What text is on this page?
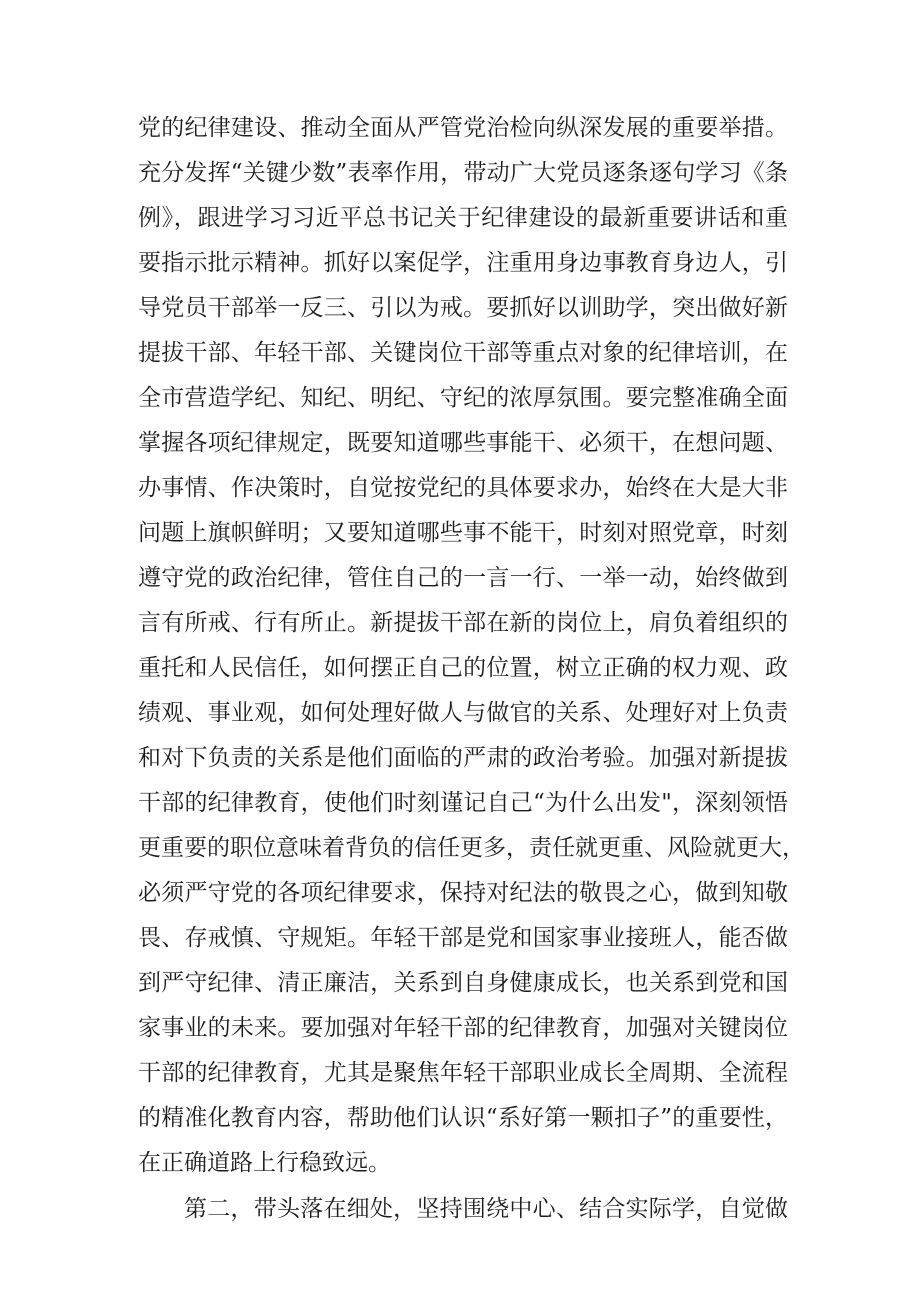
党的纪律建设、推动全面从严管党治检向纵深发展的重要举措。
充分发挥“关键少数”表率作用，带动广大党员逐条逐句学习《条
例》，跟进学习习近平总书记关于纪律建设的最新重要讲话和重
要指示批示精神。抓好以案促学，注重用身边事教育身边人，引
导党员干部举一反三、引以为戒。要抓好以训助学，突出做好新
提拔干部、年轻干部、关键岗位干部等重点对象的纪律培训，在
全市营造学纪、知纪、明纪、守纪的浓厚氛围。要完整准确全面
掌握各项纪律规定，既要知道哪些事能干、必须干，在想问题、
办事情、作决策时，自觉按党纪的具体要求办，始终在大是大非
问题上旗帜鲜明；又要知道哪些事不能干，时刻对照党章，时刻
遵守党的政治纪律，管住自己的一言一行、一举一动，始终做到
言有所戒、行有所止。新提拔干部在新的岗位上，肩负着组织的
重托和人民信任，如何摆正自己的位置，树立正确的权力观、政
绩观、事业观，如何处理好做人与做官的关系、处理好对上负责
和对下负责的关系是他们面临的严肃的政治考验。加强对新提拔
干部的纪律教育，使他们时刻谨记自己“为什么出发"，深刻领悟
更重要的职位意味着背负的信任更多，责任就更重、风险就更大，
必须严守党的各项纪律要求，保持对纪法的敬畏之心，做到知敬
畏、存戒慎、守规矩。年轻干部是党和国家事业接班人，能否做
到严守纪律、清正廉洁，关系到自身健康成长，也关系到党和国
家事业的未来。要加强对年轻干部的纪律教育，加强对关键岗位
干部的纪律教育，尤其是聚焦年轻干部职业成长全周期、全流程
的精准化教育内容，帮助他们认识“系好第一颗扣子”的重要性，
在正确道路上行稳致远。
第二，带头落在细处，坚持围绕中心、结合实际学，自觉做
